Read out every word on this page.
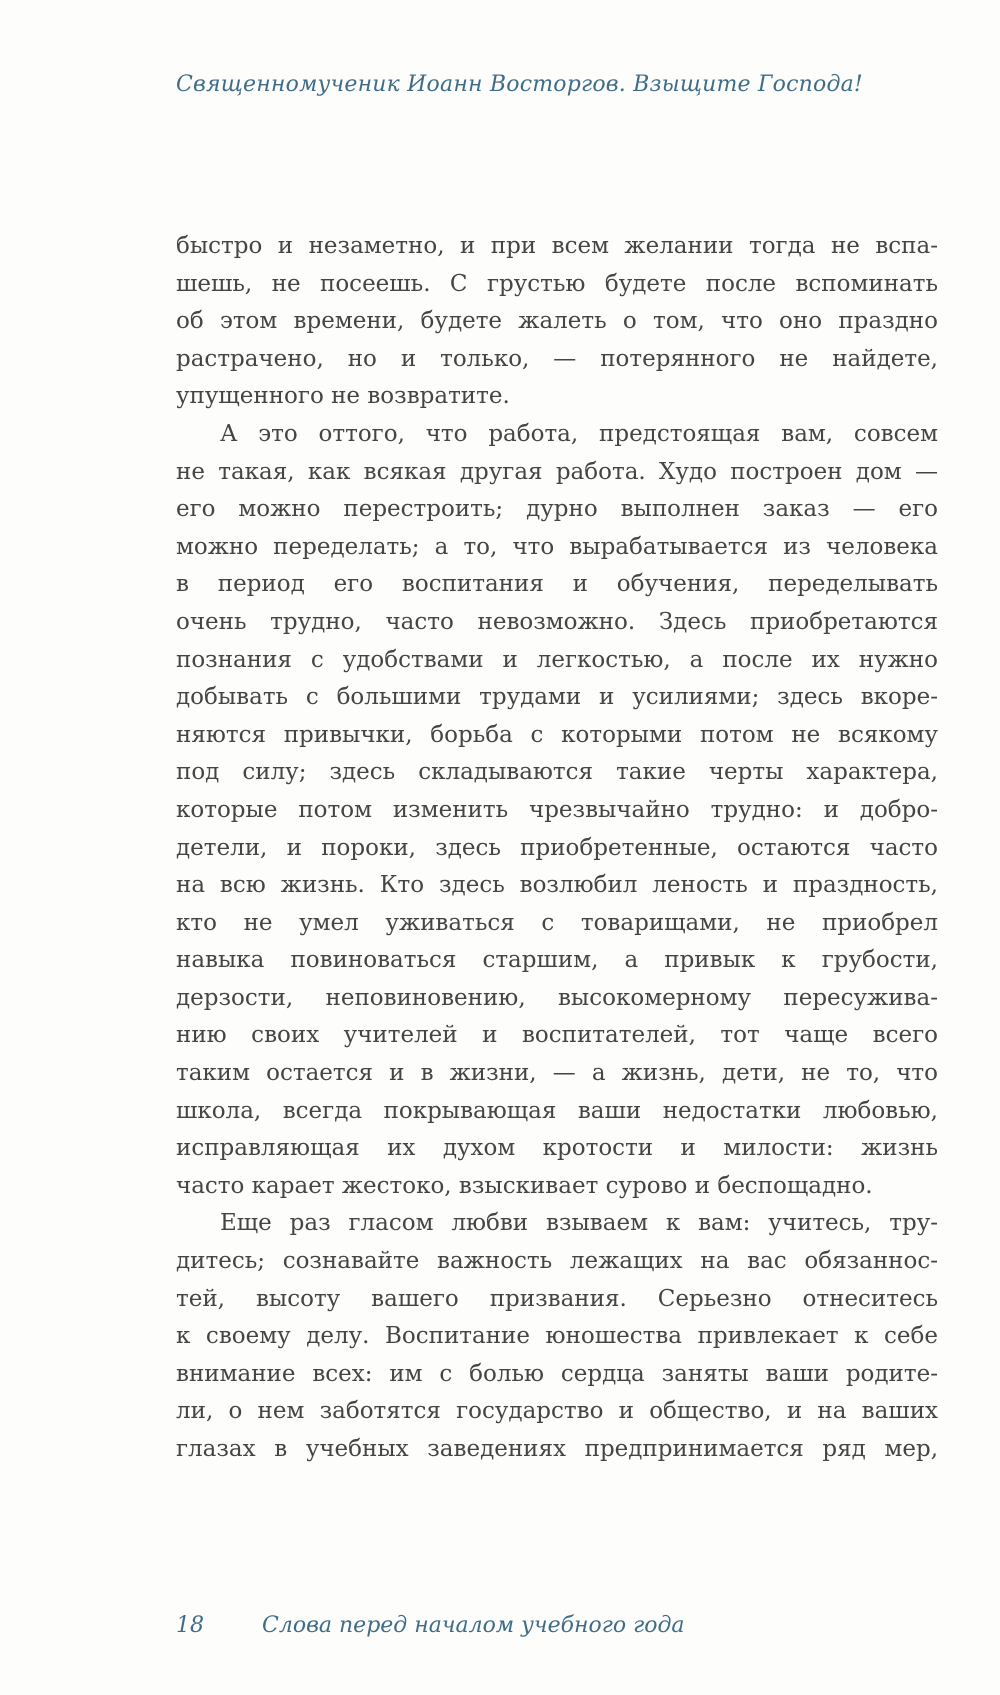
Священномученик Иоанн Восторгов. Взыщите Господа!
быстро и незаметно, и при всем желании тогда не вспа-
шешь, не посеешь. С грустью будете после вспоминать
об этом времени, будете жалеть о том, что оно праздно
растрачено, но и только, — потерянного не найдете,
упущенного не возвратите.
А это оттого, что работа, предстоящая вам, совсем
не такая, как всякая другая работа. Худо построен дом —
его можно перестроить; дурно выполнен заказ — его
можно переделать; а то, что вырабатывается из человека
в период его воспитания и обучения, переделывать
очень трудно, часто невозможно. Здесь приобретаются
познания с удобствами и легкостью, а после их нужно
добывать с большими трудами и усилиями; здесь вкоре-
няются привычки, борьба с которыми потом не всякому
под силу; здесь складываются такие черты характера,
которые потом изменить чрезвычайно трудно: и добро-
детели, и пороки, здесь приобретенные, остаются часто
на всю жизнь. Кто здесь возлюбил леность и праздность,
кто не умел уживаться с товарищами, не приобрел
навыка повиноваться старшим, а привык к грубости,
дерзости, неповиновению, высокомерному пересуживa-
нию своих учителей и воспитателей, тот чаще всего
таким остается и в жизни, — а жизнь, дети, не то, что
школа, всегда покрывающая ваши недостатки любовью,
исправляющая их духом кротости и милости: жизнь
часто карает жестоко, взыскивает сурово и беспощадно.
Еще раз гласом любви взываем к вам: учитесь, тру-
дитесь; сознавайте важность лежащих на вас обязаннос-
тей, высоту вашего призвания. Серьезно отнеситесь
к своему делу. Воспитание юношества привлекает к себе
внимание всех: им с болью сердца заняты ваши родите-
ли, о нем заботятся государство и общество, и на ваших
глазах в учебных заведениях предпринимается ряд мер,
18	Слова перед началом учебного года
